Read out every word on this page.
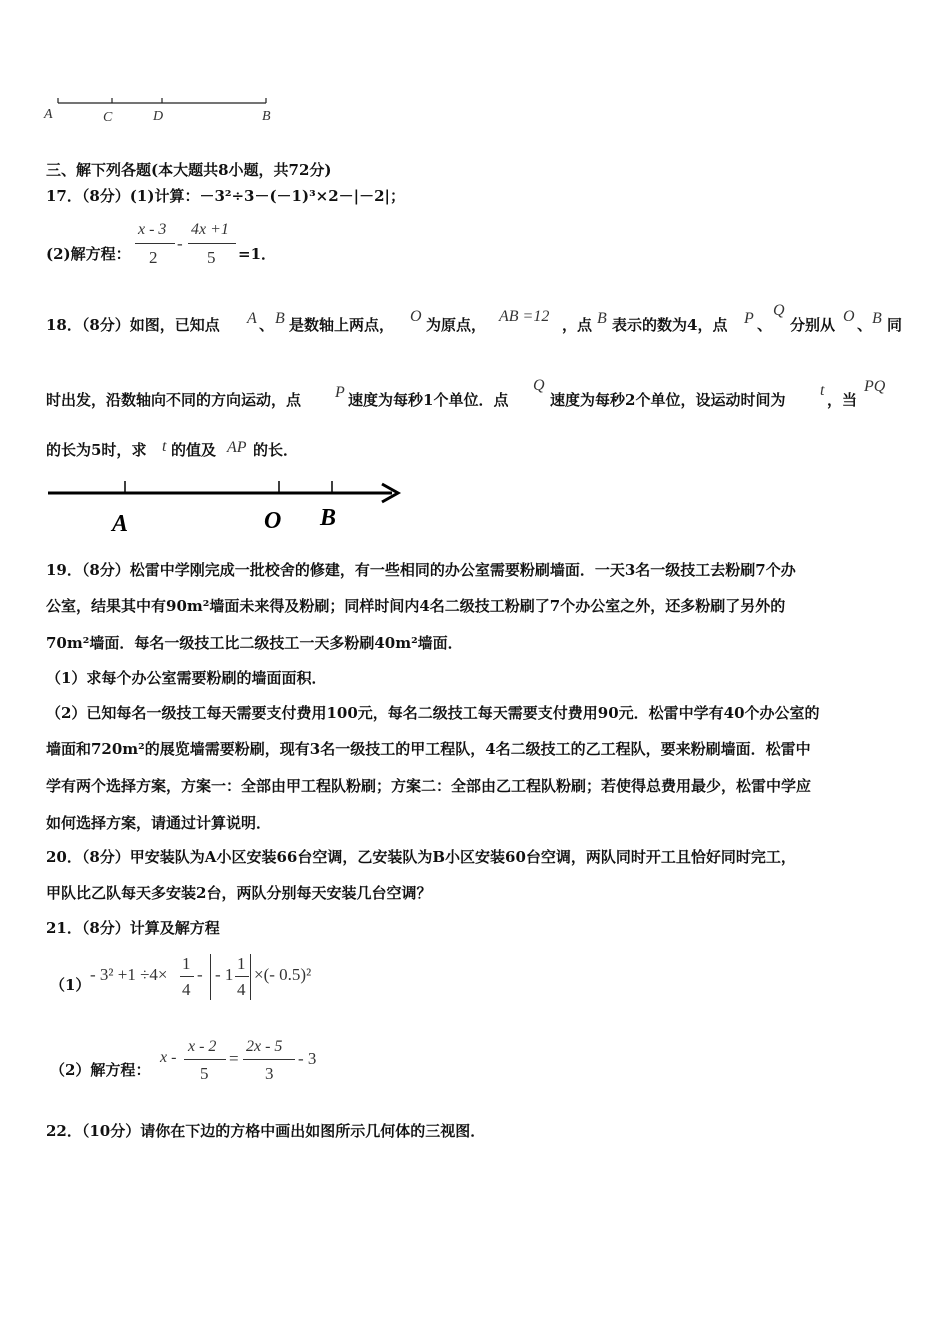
A	C	D	B
三、解下列各题(本大题共8小题，共72分)
17．（8分）(1)计算：－3²÷3－(－1)³×2－|－2|；
(2)解方程：
x - 3
2
-
4x +1
5 =1．
18．（8分）如图，已知点 A 、 B 是数轴上两点， O 为原点， AB =12 ，点 B 表示的数为4，点 P 、
Q
分别从 O 、 B 同
时出发，沿数轴向不同的方向运动，点 P 速度为每秒1个单位．点
Q
速度为每秒2个单位，设运动时间为
t
，当
PQ
的长为5时，求 t 的值及 AP 的长．
A	O B
19．（8分）松雷中学刚完成一批校舍的修建，有一些相同的办公室需要粉刷墙面．一天3名一级技工去粉刷7个办
公室，结果其中有90m²墙面未来得及粉刷；同样时间内4名二级技工粉刷了7个办公室之外，还多粉刷了另外的
70m²墙面．每名一级技工比二级技工一天多粉刷40m²墙面．
（1）求每个办公室需要粉刷的墙面面积．
（2）已知每名一级技工每天需要支付费用100元，每名二级技工每天需要支付费用90元．松雷中学有40个办公室的
墙面和720m²的展览墙需要粉刷，现有3名一级技工的甲工程队，4名二级技工的乙工程队，要来粉刷墙面．松雷中
学有两个选择方案，方案一：全部由甲工程队粉刷；方案二：全部由乙工程队粉刷；若使得总费用最少，松雷中学应
如何选择方案，请通过计算说明．
20．（8分）甲安装队为A小区安装66台空调，乙安装队为B小区安装60台空调，两队同时开工且恰好同时完工，
甲队比乙队每天多安装2台，两队分别每天安装几台空调？
21．（8分）计算及解方程
（1）
- 3² +1 ÷4×
1
4
- - 1
1
4
×(- 0.5)²
（2）解方程：
x -
x - 2
5
=
2x - 5
3
- 3
22．（10分）请你在下边的方格中画出如图所示几何体的三视图．
